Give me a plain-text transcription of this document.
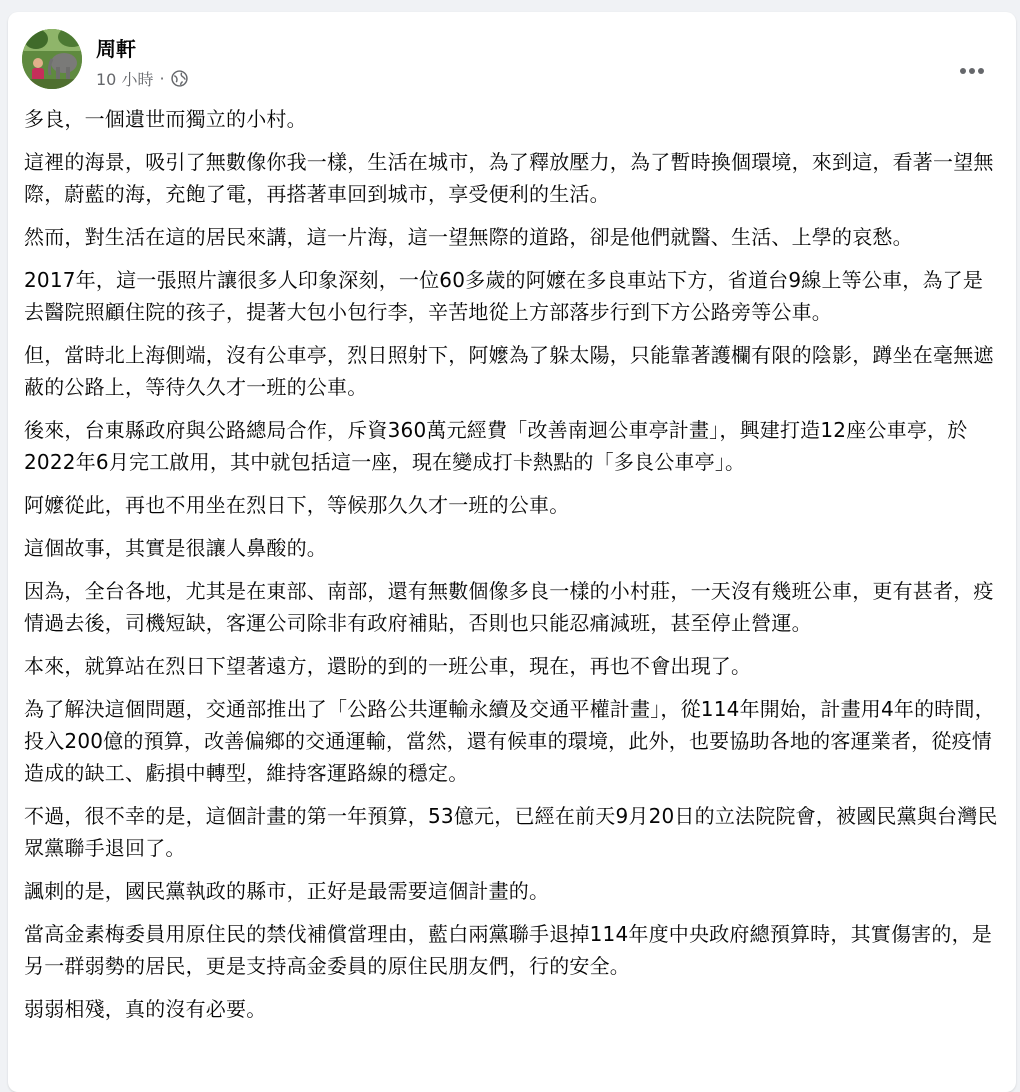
周軒
10 小時 ·

多良，一個遺世而獨立的小村。

這裡的海景，吸引了無數像你我一樣，生活在城市，為了釋放壓力，為了暫時換個環境，來到這，看著一望無際，蔚藍的海，充飽了電，再搭著車回到城市，享受便利的生活。

然而，對生活在這的居民來講，這一片海，這一望無際的道路，卻是他們就醫、生活、上學的哀愁。

2017年，這一張照片讓很多人印象深刻，一位60多歲的阿嬤在多良車站下方，省道台9線上等公車，為了是去醫院照顧住院的孩子，提著大包小包行李，辛苦地從上方部落步行到下方公路旁等公車。

但，當時北上海側端，沒有公車亭，烈日照射下，阿嬤為了躲太陽，只能靠著護欄有限的陰影，蹲坐在毫無遮蔽的公路上，等待久久才一班的公車。

後來，台東縣政府與公路總局合作，斥資360萬元經費「改善南迴公車亭計畫」，興建打造12座公車亭，於2022年6月完工啟用，其中就包括這一座，現在變成打卡熱點的「多良公車亭」。

阿嬤從此，再也不用坐在烈日下，等候那久久才一班的公車。

這個故事，其實是很讓人鼻酸的。

因為，全台各地，尤其是在東部、南部，還有無數個像多良一樣的小村莊，一天沒有幾班公車，更有甚者，疫情過去後，司機短缺，客運公司除非有政府補貼，否則也只能忍痛減班，甚至停止營運。

本來，就算站在烈日下望著遠方，還盼的到的一班公車，現在，再也不會出現了。

為了解決這個問題，交通部推出了「公路公共運輸永續及交通平權計畫」，從114年開始，計畫用4年的時間，投入200億的預算，改善偏鄉的交通運輸，當然，還有候車的環境，此外，也要協助各地的客運業者，從疫情造成的缺工、虧損中轉型，維持客運路線的穩定。

不過，很不幸的是，這個計畫的第一年預算，53億元，已經在前天9月20日的立法院院會，被國民黨與台灣民眾黨聯手退回了。

諷刺的是，國民黨執政的縣市，正好是最需要這個計畫的。

當高金素梅委員用原住民的禁伐補償當理由，藍白兩黨聯手退掉114年度中央政府總預算時，其實傷害的，是另一群弱勢的居民，更是支持高金委員的原住民朋友們，行的安全。

弱弱相殘，真的沒有必要。
